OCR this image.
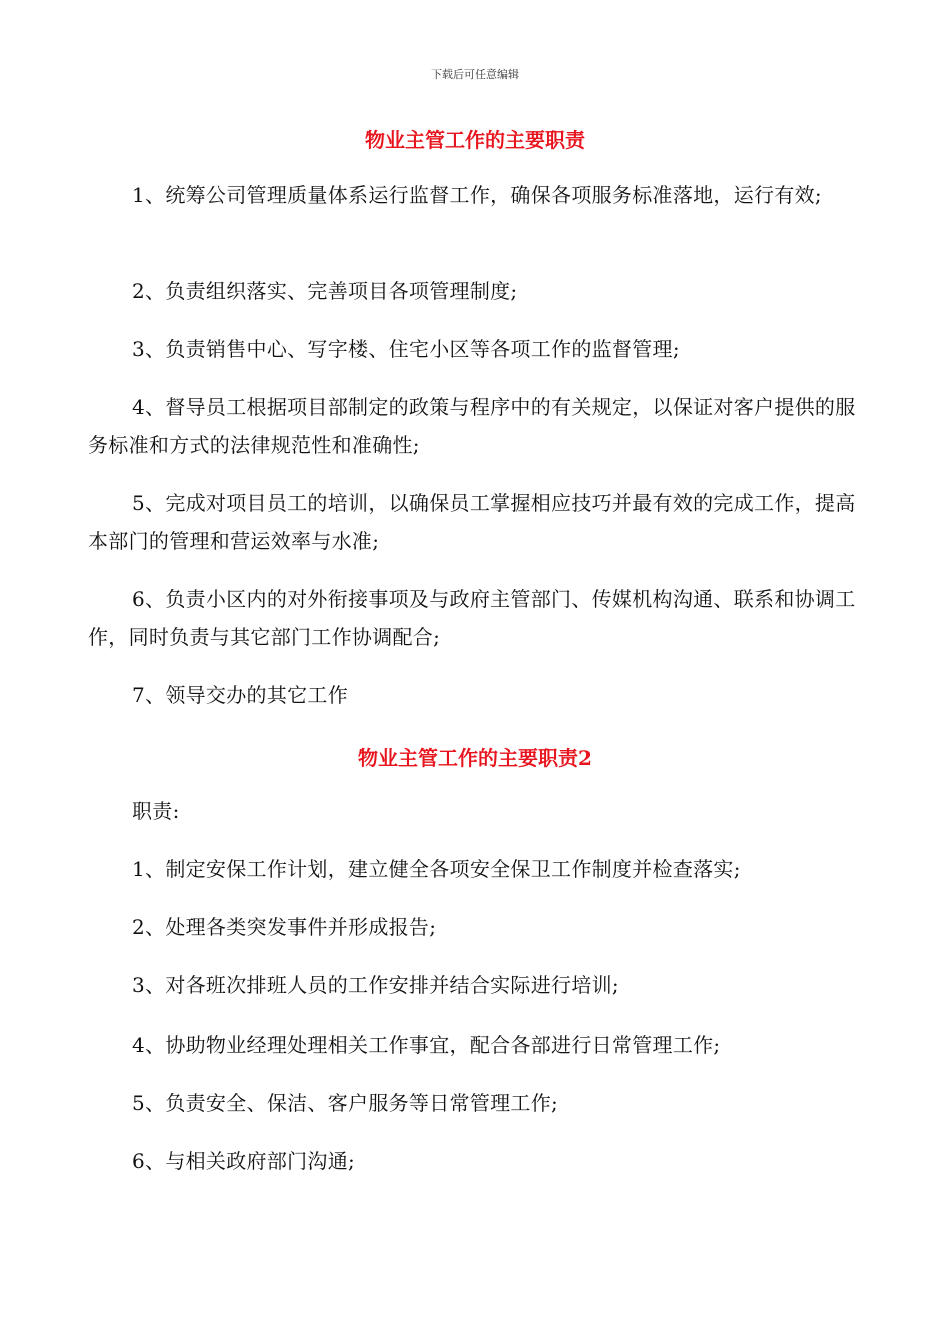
下载后可任意编辑
物业主管工作的主要职责
1、统筹公司管理质量体系运行监督工作，确保各项服务标准落地，运行有效;
2、负责组织落实、完善项目各项管理制度;
3、负责销售中心、写字楼、住宅小区等各项工作的监督管理;
4、督导员工根据项目部制定的政策与程序中的有关规定，以保证对客户提供的服务标准和方式的法律规范性和准确性;
5、完成对项目员工的培训，以确保员工掌握相应技巧并最有效的完成工作，提高本部门的管理和营运效率与水准;
6、负责小区内的对外衔接事项及与政府主管部门、传媒机构沟通、联系和协调工作，同时负责与其它部门工作协调配合;
7、领导交办的其它工作
物业主管工作的主要职责2
职责:
1、制定安保工作计划，建立健全各项安全保卫工作制度并检查落实;
2、处理各类突发事件并形成报告;
3、对各班次排班人员的工作安排并结合实际进行培训;
4、协助物业经理处理相关工作事宜，配合各部进行日常管理工作;
5、负责安全、保洁、客户服务等日常管理工作;
6、与相关政府部门沟通;
